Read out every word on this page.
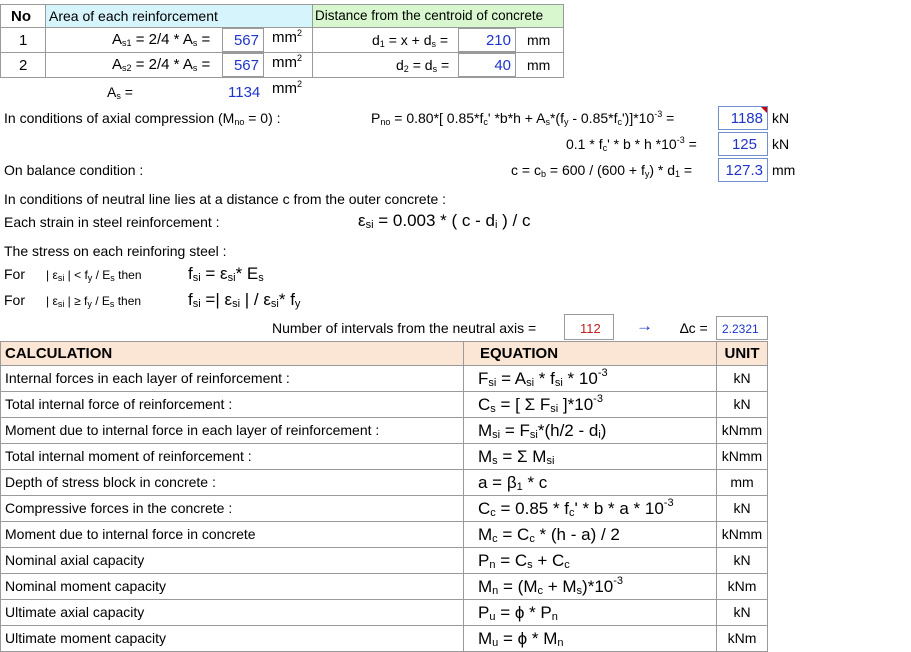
No Area of each reinforcement	Distance from the centroid of concrete
1	$A_{s1} = 2/4 * A_s = 567$ $mm^2$	$d_1 = x + d_s$ =	210 mm
2	$A_{s2} = 2/4 * A_s = 567$ $mm^2$	$d_2 = d_s$ =	40 mm
$A_s$ =	1134 $mm^2$
In conditions of axial compression $(M_{no} = 0)$ :	$P_{no} = 0.80*$[ $0.85*f_c'$ $*b*h + A_s*(f_y - 0.85*f_c')]*10^{-3}$ =	1188 kN
$0.1 * f_c'$ * b * h $*10^{-3} = 125$ kN
On balance condition :	$c = c_b = 600 / (600 + f_y) * d_1 = 127.3$ mm
In conditions of neutral line lies at a distance c from the outer concrete :
Each strain in steel reinforcement :	$\varepsilon_{si} = 0.003$ * ( c - $d_i$ ) / c
The stress on each reinforing steel :
For | $\varepsilon_{si}$ | < $f_y / E_s$ then	$f_{si} = \varepsilon_{si}*$ $E_s$
For | $\varepsilon_{si}$ | ≥ $f_y / E_s$ then	$f_{si}$ =| $\varepsilon_{si}$ | / $\varepsilon_{si}*$ $f_y$
Number of intervals from the neutral axis =	112 → ∆c = 2.2321
CALCULATION	EQUATION	UNIT
Internal forces in each layer of reinforcement :	$F_{si} = A_{si} * f_{si} * 10^{-3}$	kN
Total internal force of reinforcement :	$C_s$ = [ Σ $F_{si}$ ]$*10^{-3}$	kN
Moment due to internal force in each layer of reinforcement :	$M_{si} = F_{si}*(h/2 - d_i)$	kNmm
Total internal moment of reinforcement :	$M_s = \Sigma$ $M_{si}$	kNmm
Depth of stress block in concrete :	$a = \beta_1 * c$	mm
Compressive forces in the concrete :	$C_c = 0.85 * f_c' * b * a * 10^{-3}$	kN
Moment due to internal force in concrete	$M_c = C_c * (h - a) / 2$	kNmm
Nominal axial capacity	$P_n = C_s + C_c$	kN
Nominal moment capacity	$M_n = (M_c + M_s)*10^{-3}$	kNm
Ultimate axial capacity	$P_u = \phi * P_n$	kN
Ultimate moment capacity	$M_u = \phi * M_n$	kNm
